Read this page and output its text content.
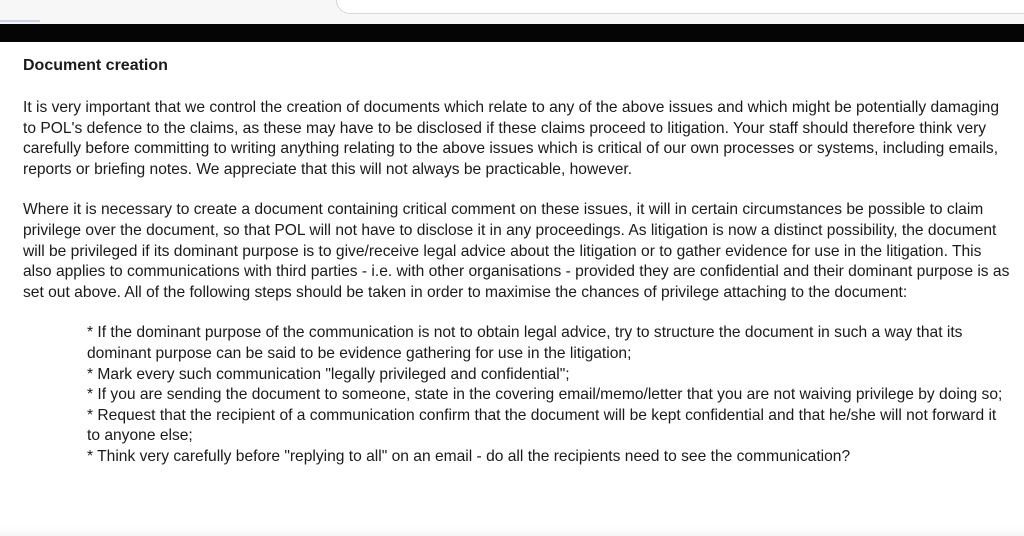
Document creation

It is very important that we control the creation of documents which relate to any of the above issues and which might be potentially damaging to POL's defence to the claims, as these may have to be disclosed if these claims proceed to litigation. Your staff should therefore think very carefully before committing to writing anything relating to the above issues which is critical of our own processes or systems, including emails, reports or briefing notes. We appreciate that this will not always be practicable, however.

Where it is necessary to create a document containing critical comment on these issues, it will in certain circumstances be possible to claim privilege over the document, so that POL will not have to disclose it in any proceedings. As litigation is now a distinct possibility, the document will be privileged if its dominant purpose is to give/receive legal advice about the litigation or to gather evidence for use in the litigation. This also applies to communications with third parties - i.e. with other organisations - provided they are confidential and their dominant purpose is as set out above. All of the following steps should be taken in order to maximise the chances of privilege attaching to the document:

* If the dominant purpose of the communication is not to obtain legal advice, try to structure the document in such a way that its dominant purpose can be said to be evidence gathering for use in the litigation;
* Mark every such communication "legally privileged and confidential";
* If you are sending the document to someone, state in the covering email/memo/letter that you are not waiving privilege by doing so;
* Request that the recipient of a communication confirm that the document will be kept confidential and that he/she will not forward it to anyone else;
* Think very carefully before "replying to all" on an email - do all the recipients need to see the communication?
